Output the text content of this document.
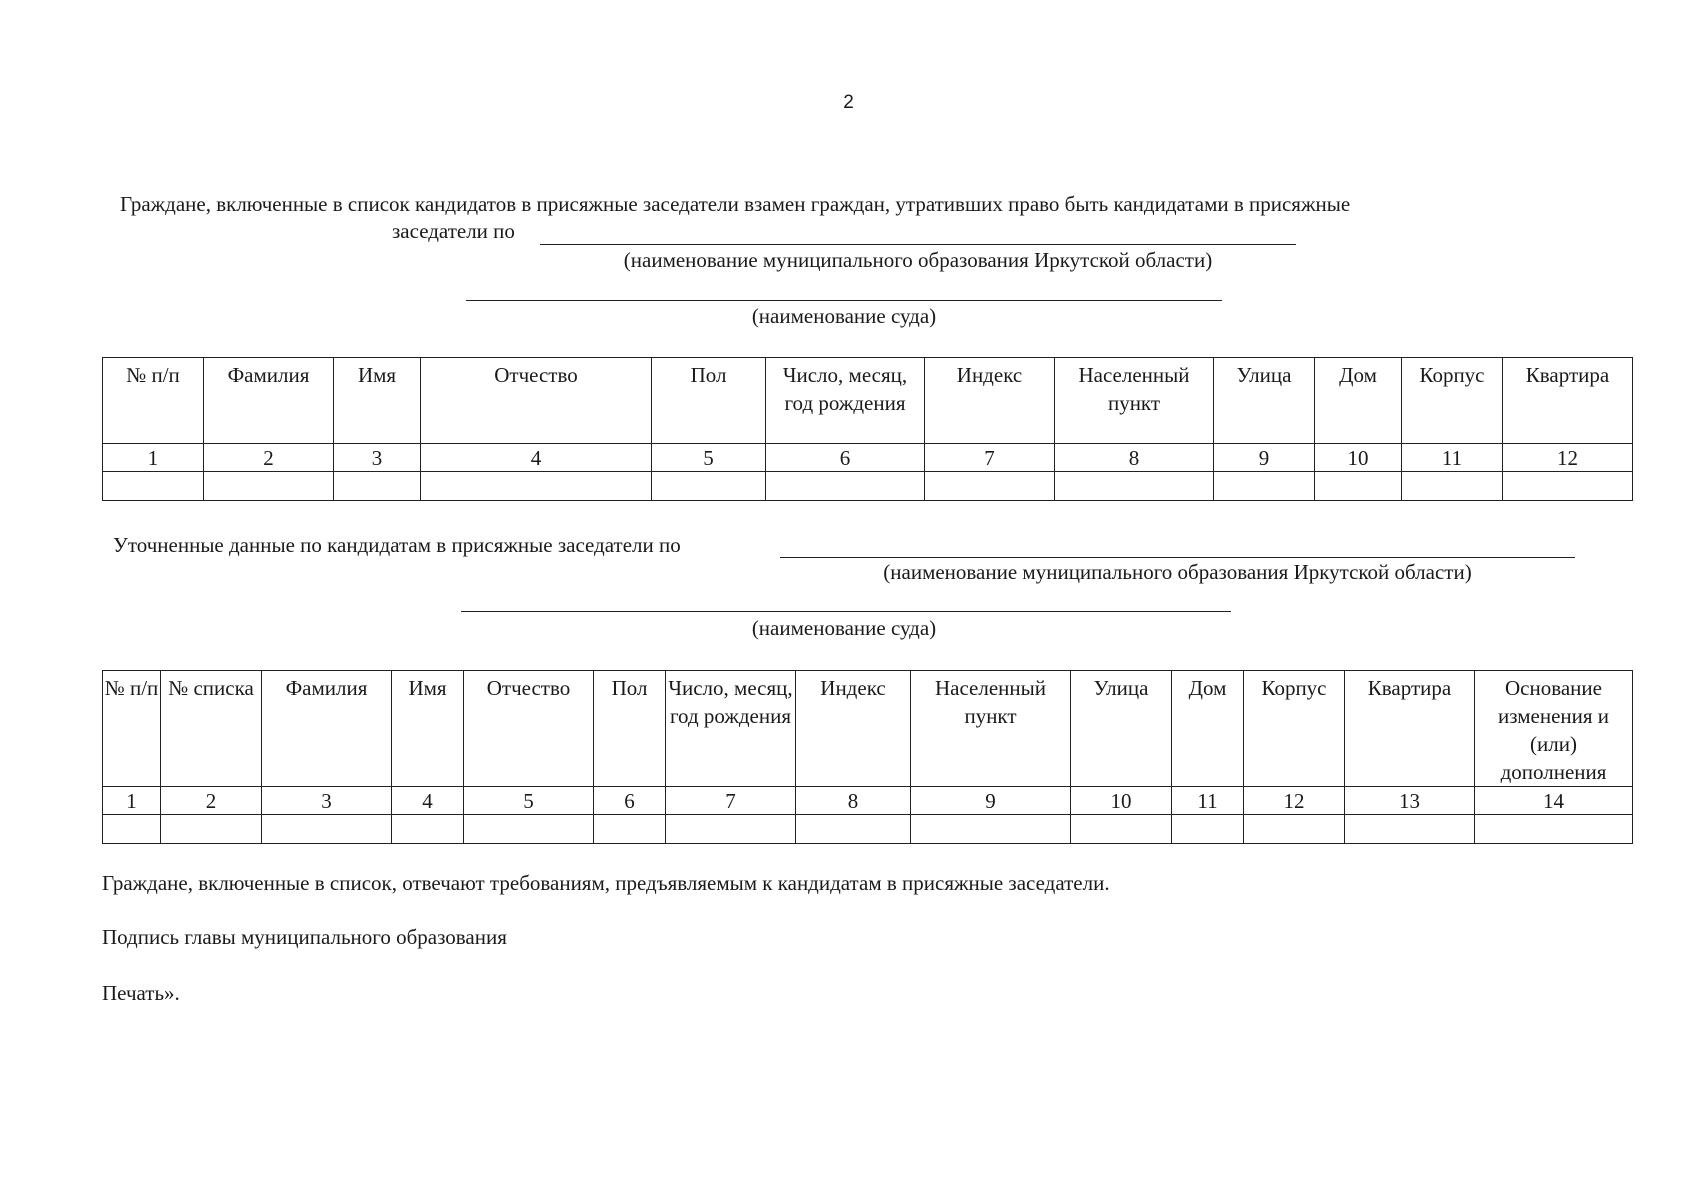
2
Граждане, включенные в список кандидатов в присяжные заседатели взамен граждан, утративших право быть кандидатами в присяжные
заседатели по
(наименование муниципального образования Иркутской области)
(наименование суда)
№ п/п	Фамилия	Имя	Отчество	Пол	Число, месяц, год рождения	Индекс	Населенный пункт	Улица	Дом	Корпус	Квартира
1	2	3	4	5	6	7	8	9	10	11	12

Уточненные данные по кандидатам в присяжные заседатели по
(наименование муниципального образования Иркутской области)
(наименование суда)
№ п/п	№ списка	Фамилия	Имя	Отчество	Пол	Число, месяц, год рождения	Индекс	Населенный пункт	Улица	Дом	Корпус	Квартира	Основание изменения и (или) дополнения
1	2	3	4	5	6	7	8	9	10	11	12	13	14

Граждане, включенные в список, отвечают требованиям, предъявляемым к кандидатам в присяжные заседатели.
Подпись главы муниципального образования
Печать».
